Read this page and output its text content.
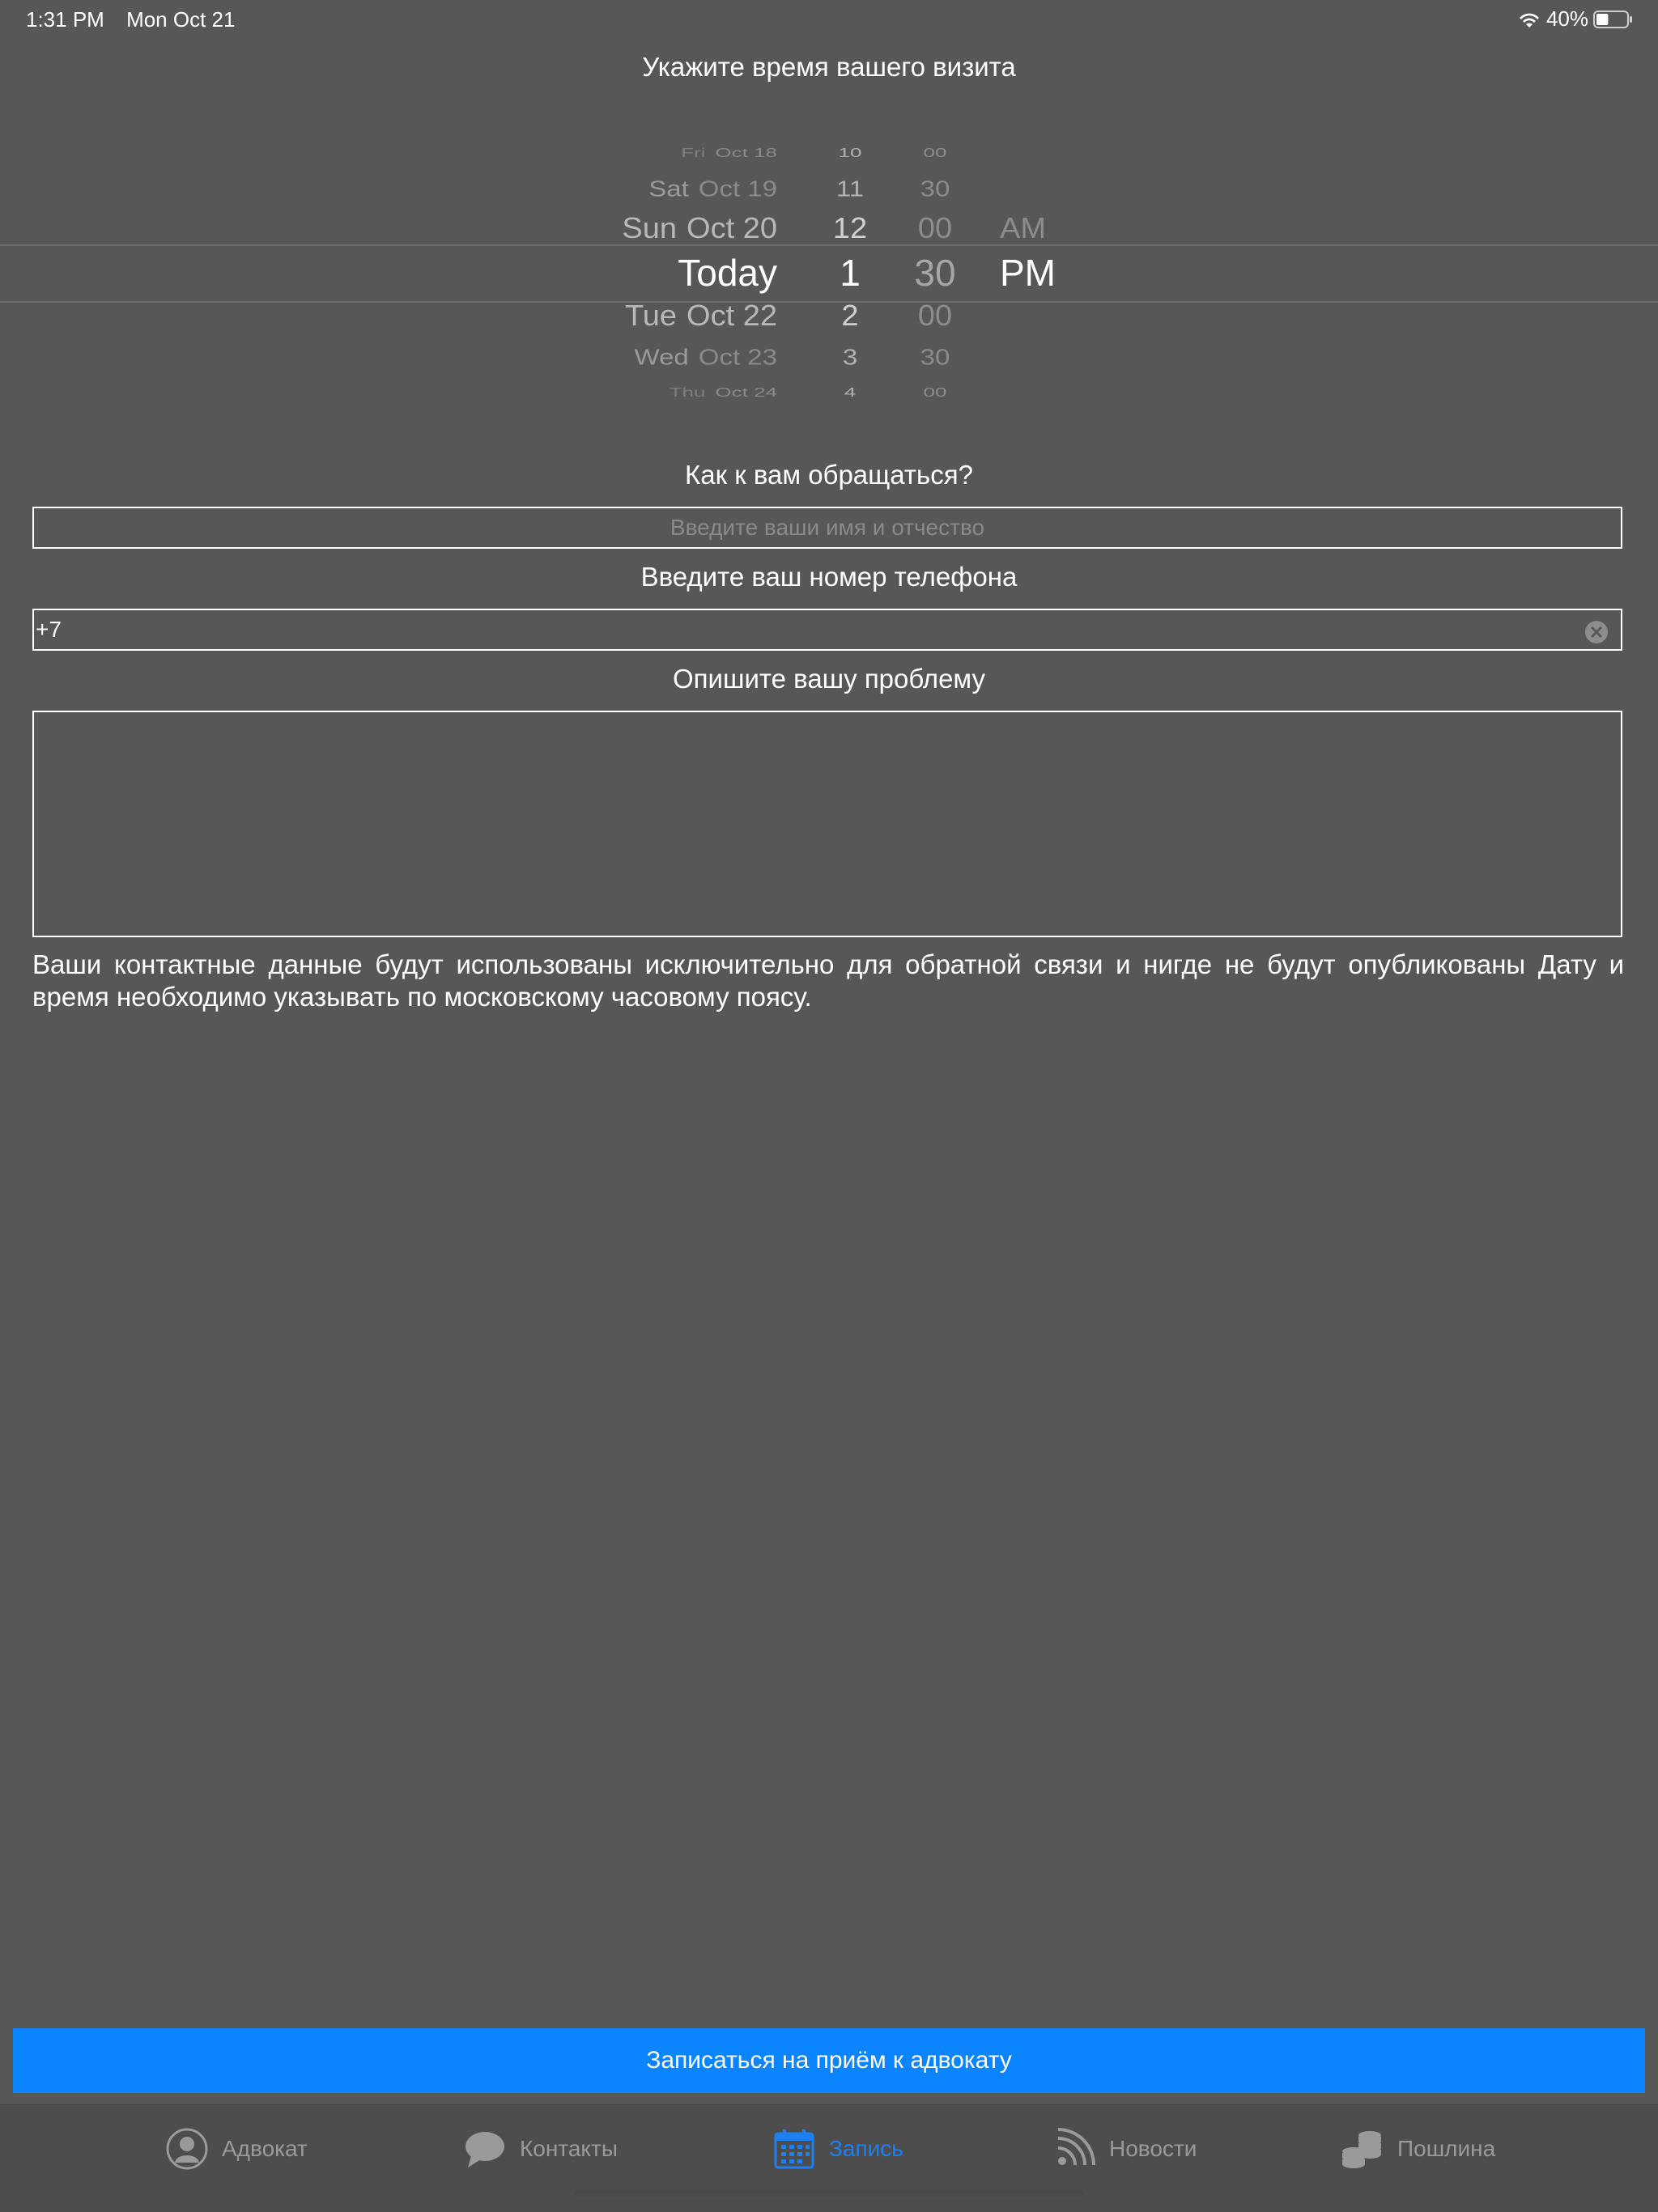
1:31 PM Mon Oct 21	40%
Укажите время вашего визита
Fri Oct 18	10	00
Sat Oct 19	11	30
Sun Oct 20	12	00	AM
Today	1	30	PM
Tue Oct 22	2	00
Wed Oct 23	3	30
Thu Oct 24	4	00
Как к вам обращаться?
Введите ваши имя и отчество
Введите ваш номер телефона
+7
Опишите вашу проблему
Ваши контактные данные будут использованы исключительно для обратной связи и нигде не будут опубликованы Дату и время необходимо указывать по московскому часовому поясу.
Записаться на приём к адвокату
Адвокат	Контакты	Запись	Новости	Пошлина
